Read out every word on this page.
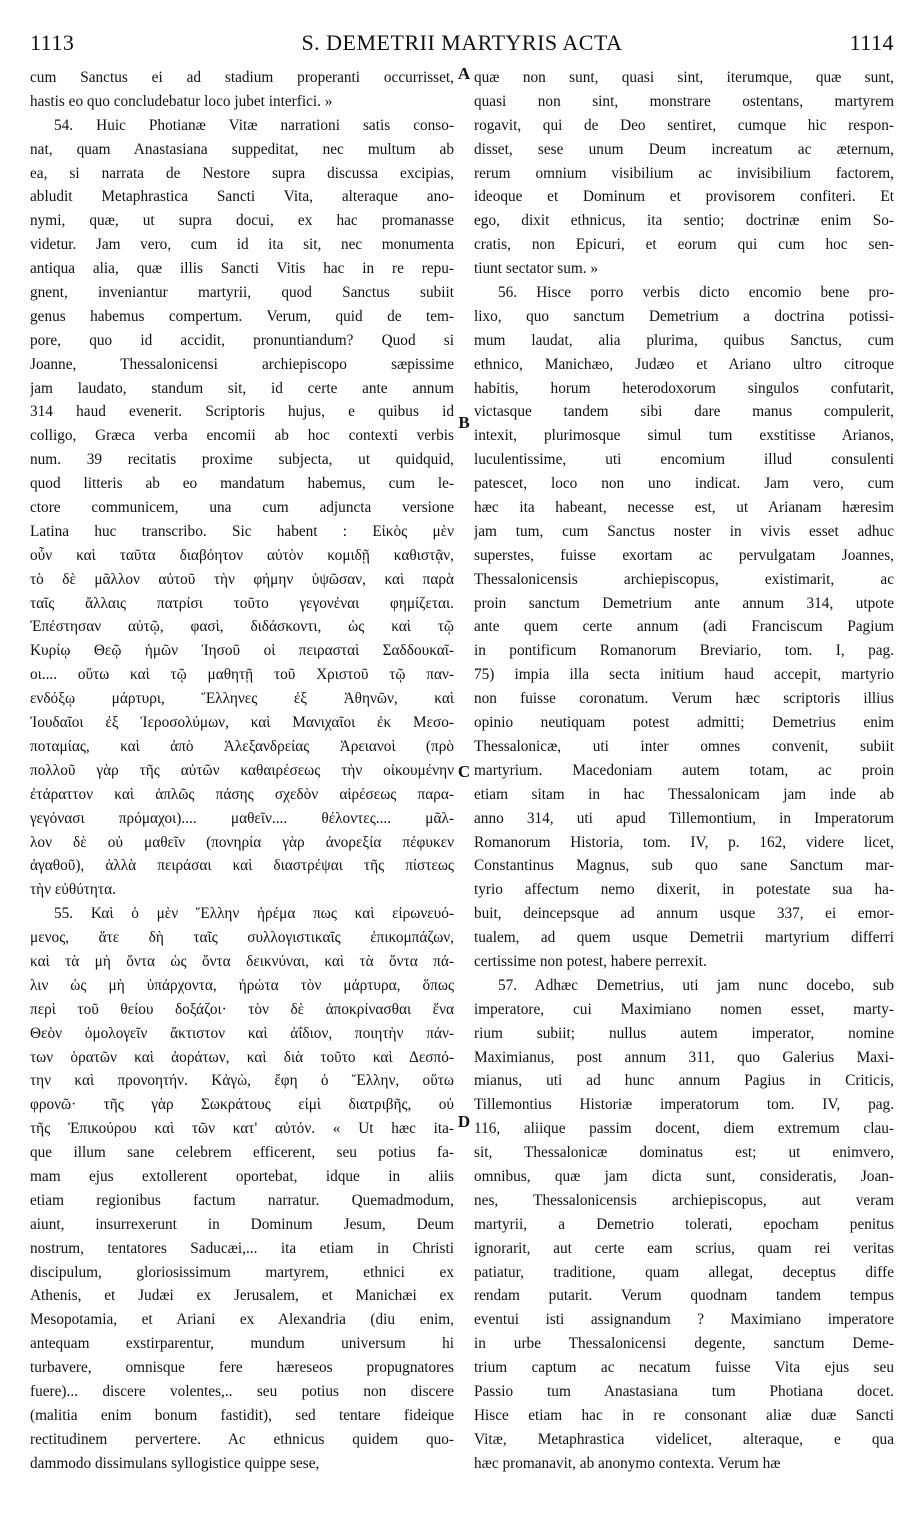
1113	S. DEMETRII MARTYRIS ACTA	1114
A
B
C
D
cum Sanctus ei ad stadium properanti occurrisset,
hastis eo quo concludebatur loco jubet interfici. »
54. Huic Photianæ Vitæ narrationi satis conso-
nat, quam Anastasiana suppeditat, nec multum ab
ea, si narrata de Nestore supra discussa excipias,
abludit Metaphrastica Sancti Vita, alteraque ano-
nymi, quæ, ut supra docui, ex hac promanasse
videtur. Jam vero, cum id ita sit, nec monumenta
antiqua alia, quæ illis Sancti Vitis hac in re repu-
gnent, inveniantur martyrii, quod Sanctus subiit
genus habemus compertum. Verum, quid de tem-
pore, quo id accidit, pronuntiandum? Quod si
Joanne, Thessalonicensi archiepiscopo sæpissime
jam laudato, standum sit, id certe ante annum
314 haud evenerit. Scriptoris hujus, e quibus id
colligo, Græca verba encomii ab hoc contexti verbis
num. 39 recitatis proxime subjecta, ut quidquid,
quod litteris ab eo mandatum habemus, cum le-
ctore communicem, una cum adjuncta versione
Latina huc transcribo. Sic habent : Εἰκὸς μὲν
οὖν καὶ ταῦτα διαβόητον αὐτὸν κομιδῇ καθιστᾷν,
τὸ δὲ μᾶλλον αὐτοῦ τὴν φήμην ὑψῶσαν, καὶ παρὰ
ταῖς ἄλλαις πατρίσι τοῦτο γεγονέναι φημίζεται.
Ἐπέστησαν αὐτῷ, φασὶ, διδάσκοντι, ὡς καὶ τῷ
Κυρίῳ Θεῷ ἡμῶν Ἰησοῦ οἱ πειρασταὶ Σαδδουκαῖ-
οι.... οὕτω καὶ τῷ μαθητῇ τοῦ Χριστοῦ τῷ παν-
ενδόξῳ μάρτυρι, Ἕλληνες ἐξ Ἀθηνῶν, καὶ
Ἰουδαῖοι ἐξ Ἱεροσολύμων, καὶ Μανιχαῖοι ἐκ Μεσο-
ποταμίας, καὶ ἀπὸ Ἀλεξανδρείας Ἀρειανοὶ (πρὸ
πολλοῦ γὰρ τῆς αὐτῶν καθαιρέσεως τὴν οἰκουμένην
ἐτάραττον καὶ ἁπλῶς πάσης σχεδὸν αἱρέσεως παρα-
γεγόνασι πρόμαχοι).... μαθεῖν.... θέλοντες.... μᾶλ-
λον δὲ οὐ μαθεῖν (πονηρία γὰρ ἀνορεξία πέφυκεν
ἀγαθοῦ), ἀλλὰ πειράσαι καὶ διαστρέψαι τῆς πίστεως
τὴν εὐθύτητα.
55. Καὶ ὁ μὲν Ἕλλην ἠρέμα πως καὶ εἰρωνευό-
μενος, ἅτε δὴ ταῖς συλλογιστικαῖς ἐπικομπάζων,
καὶ τὰ μὴ ὄντα ὡς ὄντα δεικνύναι, καὶ τὰ ὄντα πά-
λιν ὡς μὴ ὑπάρχοντα, ἠρώτα τὸν μάρτυρα, ὅπως
περὶ τοῦ θείου δοξάζοι· τὸν δὲ ἀποκρίνασθαι ἕνα
Θεὸν ὁμολογεῖν ἄκτιστον καὶ ἀΐδιον, ποιητὴν πάν-
των ὁρατῶν καὶ ἀοράτων, καὶ διὰ τοῦτο καὶ Δεσπό-
την καὶ προνοητήν. Κἀγὼ, ἔφη ὁ Ἕλλην, οὕτω
φρονῶ· τῆς γὰρ Σωκράτους εἰμὶ διατριβῆς, οὐ
τῆς Ἐπικούρου καὶ τῶν κατ' αὐτόν. « Ut hæc ita-
que illum sane celebrem efficerent, seu potius fa-
mam ejus extollerent oportebat, idque in aliis
etiam regionibus factum narratur. Quemadmodum,
aiunt, insurrexerunt in Dominum Jesum, Deum
nostrum, tentatores Saducæi,... ita etiam in Christi
discipulum, gloriosissimum martyrem, ethnici ex
Athenis, et Judæi ex Jerusalem, et Manichæi ex
Mesopotamia, et Ariani ex Alexandria (diu enim,
antequam exstirparentur, mundum universum hi
turbavere, omnisque fere hæreseos propugnatores
fuere)... discere volentes,.. seu potius non discere
(malitia enim bonum fastidit), sed tentare fideique
rectitudinem pervertere. Ac ethnicus quidem quo-
dammodo dissimulans syllogistice quippe sese,
quæ non sunt, quasi sint, iterumque, quæ sunt,
quasi non sint, monstrare ostentans, martyrem
rogavit, qui de Deo sentiret, cumque hic respon-
disset, sese unum Deum increatum ac æternum,
rerum omnium visibilium ac invisibilium factorem,
ideoque et Dominum et provisorem confiteri. Et
ego, dixit ethnicus, ita sentio; doctrinæ enim So-
cratis, non Epicuri, et eorum qui cum hoc sen-
tiunt sectator sum. »
56. Hisce porro verbis dicto encomio bene pro-
lixo, quo sanctum Demetrium a doctrina potissi-
mum laudat, alia plurima, quibus Sanctus, cum
ethnico, Manichæo, Judæo et Ariano ultro citroque
habitis, horum heterodoxorum singulos confutarit,
victasque tandem sibi dare manus compulerit,
intexit, plurimosque simul tum exstitisse Arianos,
luculentissime, uti encomium illud consulenti
patescet, loco non uno indicat. Jam vero, cum
hæc ita habeant, necesse est, ut Arianam hæresim
jam tum, cum Sanctus noster in vivis esset adhuc
superstes, fuisse exortam ac pervulgatam Joannes,
Thessalonicensis archiepiscopus, existimarit, ac
proin sanctum Demetrium ante annum 314, utpote
ante quem certe annum (adi Franciscum Pagium
in pontificum Romanorum Breviario, tom. I, pag.
75) impia illa secta initium haud accepit, martyrio
non fuisse coronatum. Verum hæc scriptoris illius
opinio neutiquam potest admitti; Demetrius enim
Thessalonicæ, uti inter omnes convenit, subiit
martyrium. Macedoniam autem totam, ac proin
etiam sitam in hac Thessalonicam jam inde ab
anno 314, uti apud Tillemontium, in Imperatorum
Romanorum Historia, tom. IV, p. 162, videre licet,
Constantinus Magnus, sub quo sane Sanctum mar-
tyrio affectum nemo dixerit, in potestate sua ha-
buit, deincepsque ad annum usque 337, ei emor-
tualem, ad quem usque Demetrii martyrium differri
certissime non potest, habere perrexit.
57. Adhæc Demetrius, uti jam nunc docebo, sub
imperatore, cui Maximiano nomen esset, marty-
rium subiit; nullus autem imperator, nomine
Maximianus, post annum 311, quo Galerius Maxi-
mianus, uti ad hunc annum Pagius in Criticis,
Tillemontius Historiæ imperatorum tom. IV, pag.
116, aliique passim docent, diem extremum clau-
sit, Thessalonicæ dominatus est; ut enimvero,
omnibus, quæ jam dicta sunt, consideratis, Joan-
nes, Thessalonicensis archiepiscopus, aut veram
martyrii, a Demetrio tolerati, epocham penitus
ignorarit, aut certe eam scrius, quam rei veritas
patiatur, traditione, quam allegat, deceptus diffe
rendam putarit. Verum quodnam tandem tempus
eventui isti assignandum ? Maximiano imperatore
in urbe Thessalonicensi degente, sanctum Deme-
trium captum ac necatum fuisse Vita ejus seu
Passio tum Anastasiana tum Photiana docet.
Hisce etiam hac in re consonant aliæ duæ Sancti
Vitæ, Metaphrastica videlicet, alteraque, e qua
hæc promanavit, ab anonymo contexta. Verum hæ
